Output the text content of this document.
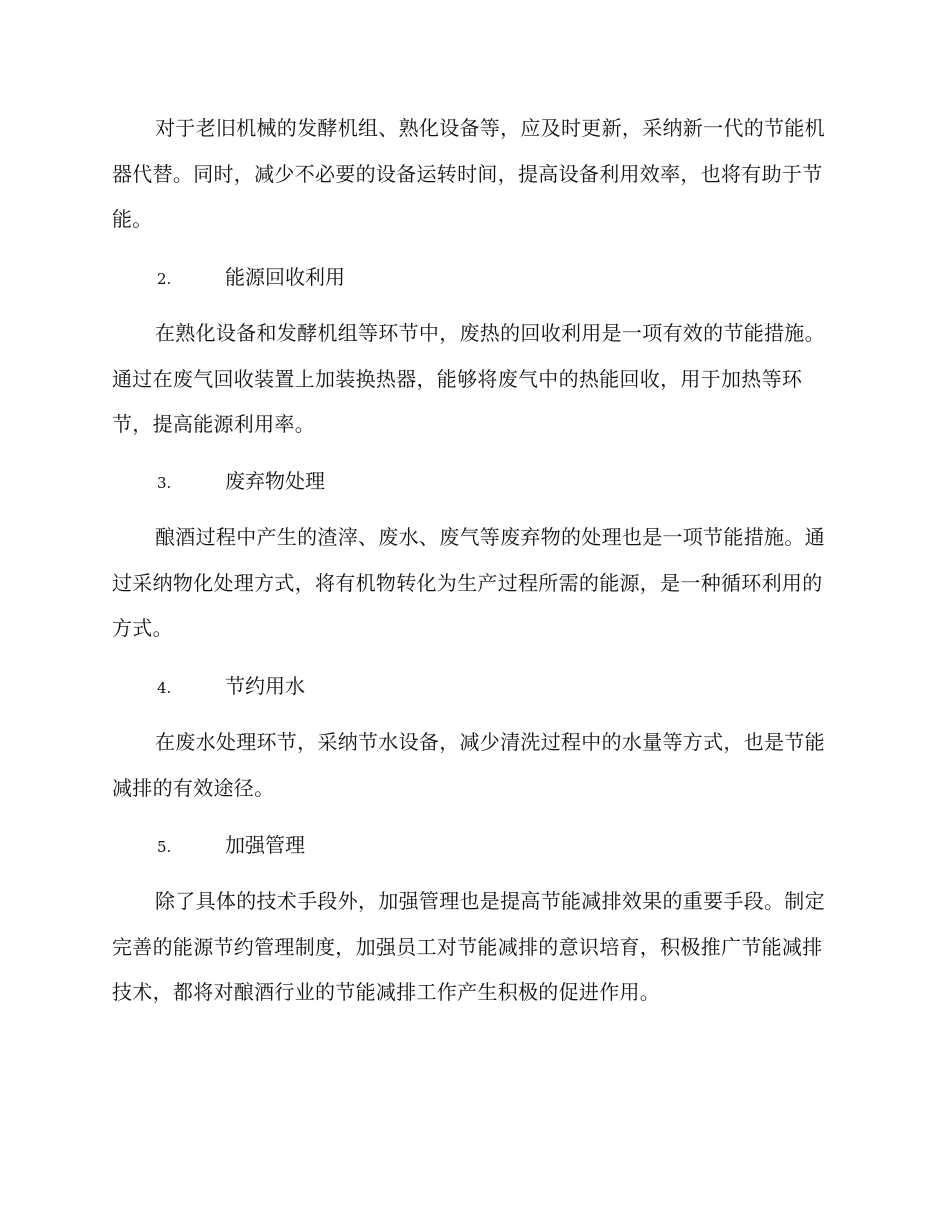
对于老旧机械的发酵机组、熟化设备等，应及时更新，采纳新一代的节能机器代替。同时，减少不必要的设备运转时间，提高设备利用效率，也将有助于节能。

2.	能源回收利用

在熟化设备和发酵机组等环节中，废热的回收利用是一项有效的节能措施。通过在废气回收装置上加装换热器，能够将废气中的热能回收，用于加热等环节，提高能源利用率。

3.	废弃物处理

酿酒过程中产生的渣滓、废水、废气等废弃物的处理也是一项节能措施。通过采纳物化处理方式，将有机物转化为生产过程所需的能源，是一种循环利用的方式。

4.	节约用水

在废水处理环节，采纳节水设备，减少清洗过程中的水量等方式，也是节能减排的有效途径。

5.	加强管理

除了具体的技术手段外，加强管理也是提高节能减排效果的重要手段。制定完善的能源节约管理制度，加强员工对节能减排的意识培育，积极推广节能减排技术，都将对酿酒行业的节能减排工作产生积极的促进作用。
